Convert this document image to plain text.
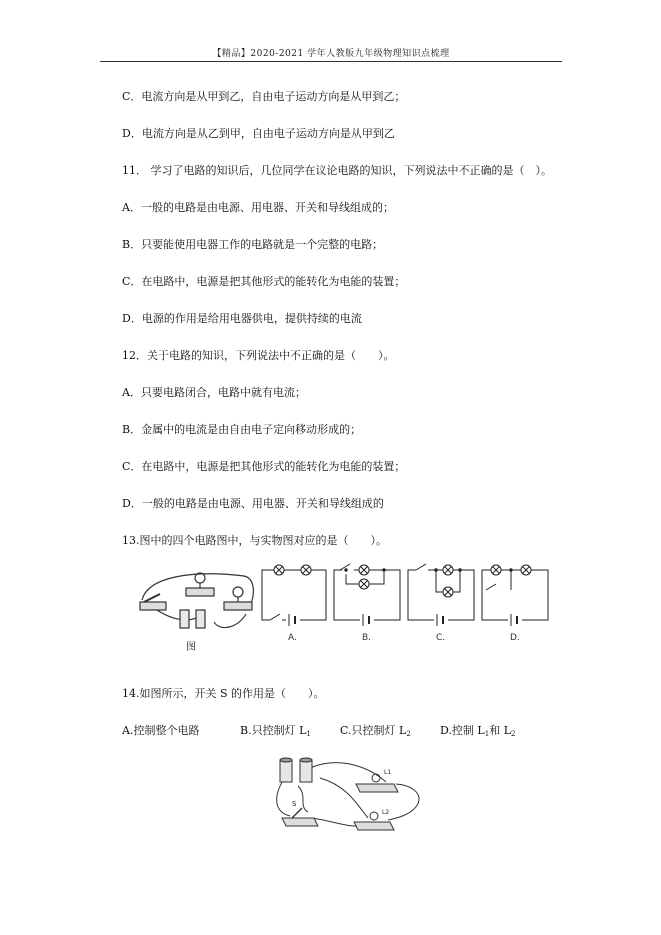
【精品】2020-2021 学年人教版九年级物理知识点梳理
C．电流方向是从甲到乙，自由电子运动方向是从甲到乙；
D．电流方向是从乙到甲，自由电子运动方向是从甲到乙
11． 学习了电路的知识后，几位同学在议论电路的知识，下列说法中不正确的是（　）。
A．一般的电路是由电源、用电器、开关和导线组成的；
B．只要能使用电器工作的电路就是一个完整的电路；
C．在电路中，电源是把其他形式的能转化为电能的装置；
D．电源的作用是给用电器供电，提供持续的电流
12．关于电路的知识，下列说法中不正确的是（　　）。
A．只要电路闭合，电路中就有电流；
B．金属中的电流是由自由电子定向移动形成的；
C．在电路中，电源是把其他形式的能转化为电能的装置；
D．一般的电路是由电源、用电器、开关和导线组成的
13.图中的四个电路图中，与实物图对应的是（　　）。
图
A.	B.	C.	D.
14.如图所示，开关 S 的作用是（　　）。
A.控制整个电路	B.只控制灯 $L_1$	C.只控制灯 $L_2$	D.控制 $L_1$和 $L_2$
S
L1
L2
